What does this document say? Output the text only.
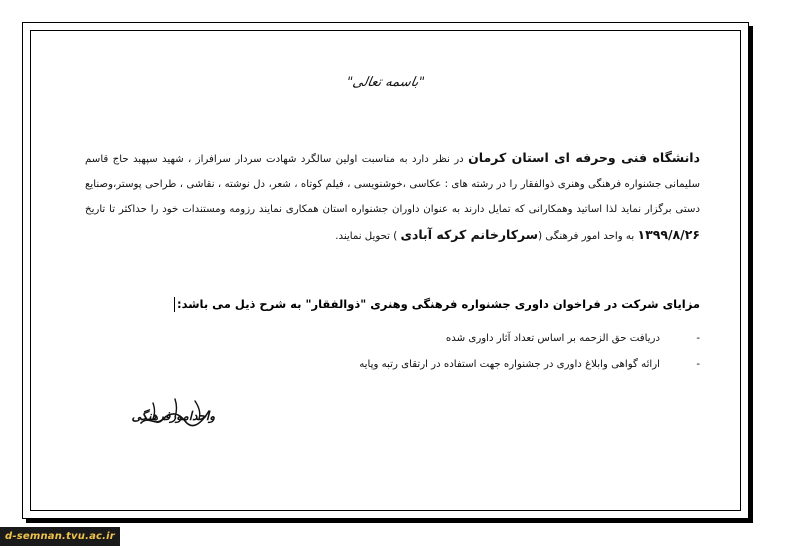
"باسمه تعالی"
دانشگاه فنی وحرفه ای استان کرمان در نظر دارد به مناسبت اولین سالگرد شهادت سردار سرافراز ، شهید سپهبد حاج قاسم سلیمانی جشنواره فرهنگی وهنری ذوالفقار را در رشته های : عکاسی ،خوشنویسی ، فیلم کوتاه ، شعر، دل نوشته ، نقاشی ، طراحی پوستر،وصنایع دستی برگزار نماید لذا اساتید وهمکارانی که تمایل دارند به عنوان داوران جشنواره استان همکاری نمایند رزومه ومستندات خود را حداکثر تا تاریخ ۱۳۹۹/۸/۲۶ به واحد امور فرهنگی (سرکارخانم کرکه آبادی ) تحویل نمایند.
مزایای شرکت در فراخوان داوری جشنواره فرهنگی وهنری "ذوالفقار" به شرح ذیل می باشد:
-
دریافت حق الزحمه بر اساس تعداد آثار داوری شده
-
ارائه گواهی وابلاغ داوری در جشنواره جهت استفاده در ارتقای رتبه وپایه
واحدامورفرهنگی
d-semnan.tvu.ac.ir
